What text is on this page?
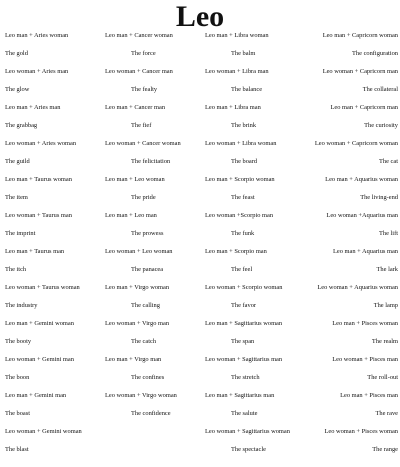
Leo
Leo man + Aries woman
The gold
Leo woman + Aries man
The glow
Leo man + Aries man
The grabbag
Leo woman + Aries woman
The guild
Leo man + Taurus woman
The item
Leo woman + Taurus man
The imprint
Leo man + Taurus man
The itch
Leo woman + Taurus woman
The industry
Leo man + Gemini woman
The booty
Leo woman + Gemini man
The boon
Leo man + Gemini man
The boast
Leo woman + Gemini woman
The blast
Leo man + Cancer woman
The force
Leo woman + Cancer man
The fealty
Leo man + Cancer man
The fief
Leo woman + Cancer woman
The felicitation
Leo man + Leo woman
The pride
Leo man + Leo man
The prowess
Leo woman + Leo woman
The panacea
Leo man + Virgo woman
The calling
Leo woman + Virgo man
The catch
Leo man + Virgo man
The confines
Leo woman + Virgo woman
The confidence
Leo man + Libra woman
The balm
Leo woman + Libra man
The balance
Leo man + Libra man
The brink
Leo woman + Libra woman
The board
Leo man + Scorpio woman
The feast
Leo woman +Scorpio man
The funk
Leo man + Scorpio man
The feel
Leo woman + Scorpio woman
The favor
Leo man + Sagittarius woman
The span
Leo woman + Sagittarius man
The stretch
Leo man + Sagittarius man
The salute
Leo woman + Sagittarius woman
The spectacle
Leo man + Capricorn woman
The configuration
Leo woman + Capricorn man
The collateral
Leo man + Capricorn man
The curiosity
Leo woman + Capricorn woman
The cat
Leo man + Aquarius woman
The living-end
Leo woman +Aquarius man
The lift
Leo man + Aquarius man
The lark
Leo woman + Aquarius woman
The lamp
Leo man + Pisces woman
The realm
Leo woman + Pisces man
The roll-out
Leo man + Pisces man
The rave
Leo woman + Pisces woman
The range
